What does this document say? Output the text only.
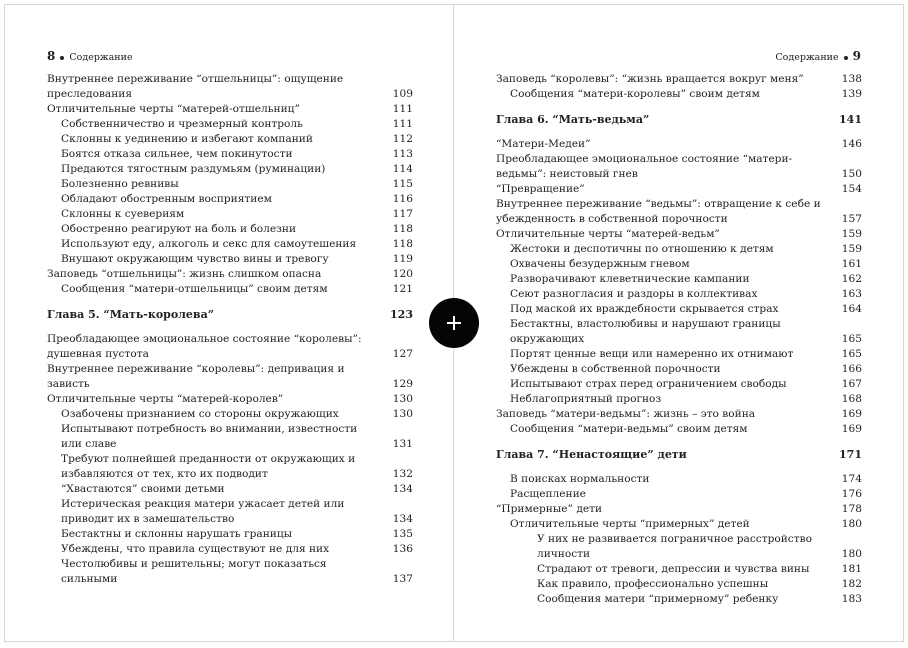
8 Содержание
Внутреннее переживание “отшельницы”: ощущение преследования	109
Отличительные черты “матерей-отшельниц”	111
Собственничество и чрезмерный контроль	111
Склонны к уединению и избегают компаний	112
Боятся отказа сильнее, чем покинутости	113
Предаются тягостным раздумьям (руминации)	114
Болезненно ревнивы	115
Обладают обостренным восприятием	116
Склонны к суевериям	117
Обостренно реагируют на боль и болезни	118
Используют еду, алкоголь и секс для самоутешения	118
Внушают окружающим чувство вины и тревогу	119
Заповедь “отшельницы”: жизнь слишком опасна	120
Сообщения “матери-отшельницы” своим детям	121
Глава 5. “Мать-королева”	123
Преобладающее эмоциональное состояние “королевы”: душевная пустота	127
Внутреннее переживание “королевы”: депривация и зависть	129
Отличительные черты “матерей-королев”	130
Озабочены признанием со стороны окружающих	130
Испытывают потребность во внимании, известности или славе	131
Требуют полнейшей преданности от окружающих и избавляются от тех, кто их подводит	132
“Хвастаются” своими детьми	134
Истерическая реакция матери ужасает детей или приводит их в замешательство	134
Бестактны и склонны нарушать границы	135
Убеждены, что правила существуют не для них	136
Честолюбивы и решительны; могут показаться сильными	137
Содержание 9
Заповедь “королевы”: “жизнь вращается вокруг меня”	138
Сообщения “матери-королевы” своим детям	139
Глава 6. “Мать-ведьма”	141
“Матери-Медеи”	146
Преобладающее эмоциональное состояние “матери-ведьмы”: неистовый гнев	150
“Превращение”	154
Внутреннее переживание “ведьмы”: отвращение к себе и убежденность в собственной порочности	157
Отличительные черты “матерей-ведьм”	159
Жестоки и деспотичны по отношению к детям	159
Охвачены безудержным гневом	161
Разворачивают клеветнические кампании	162
Сеют разногласия и раздоры в коллективах	163
Под маской их враждебности скрывается страх	164
Бестактны, властолюбивы и нарушают границы окружающих	165
Портят ценные вещи или намеренно их отнимают	165
Убеждены в собственной порочности	166
Испытывают страх перед ограничением свободы	167
Неблагоприятный прогноз	168
Заповедь “матери-ведьмы”: жизнь – это война	169
Сообщения “матери-ведьмы” своим детям	169
Глава 7. “Ненастоящие” дети	171
В поисках нормальности	174
Расщепление	176
“Примерные” дети	178
Отличительные черты “примерных” детей	180
У них не развивается пограничное расстройство личности	180
Страдают от тревоги, депрессии и чувства вины	181
Как правило, профессионально успешны	182
Сообщения матери “примерному” ребенку	183
